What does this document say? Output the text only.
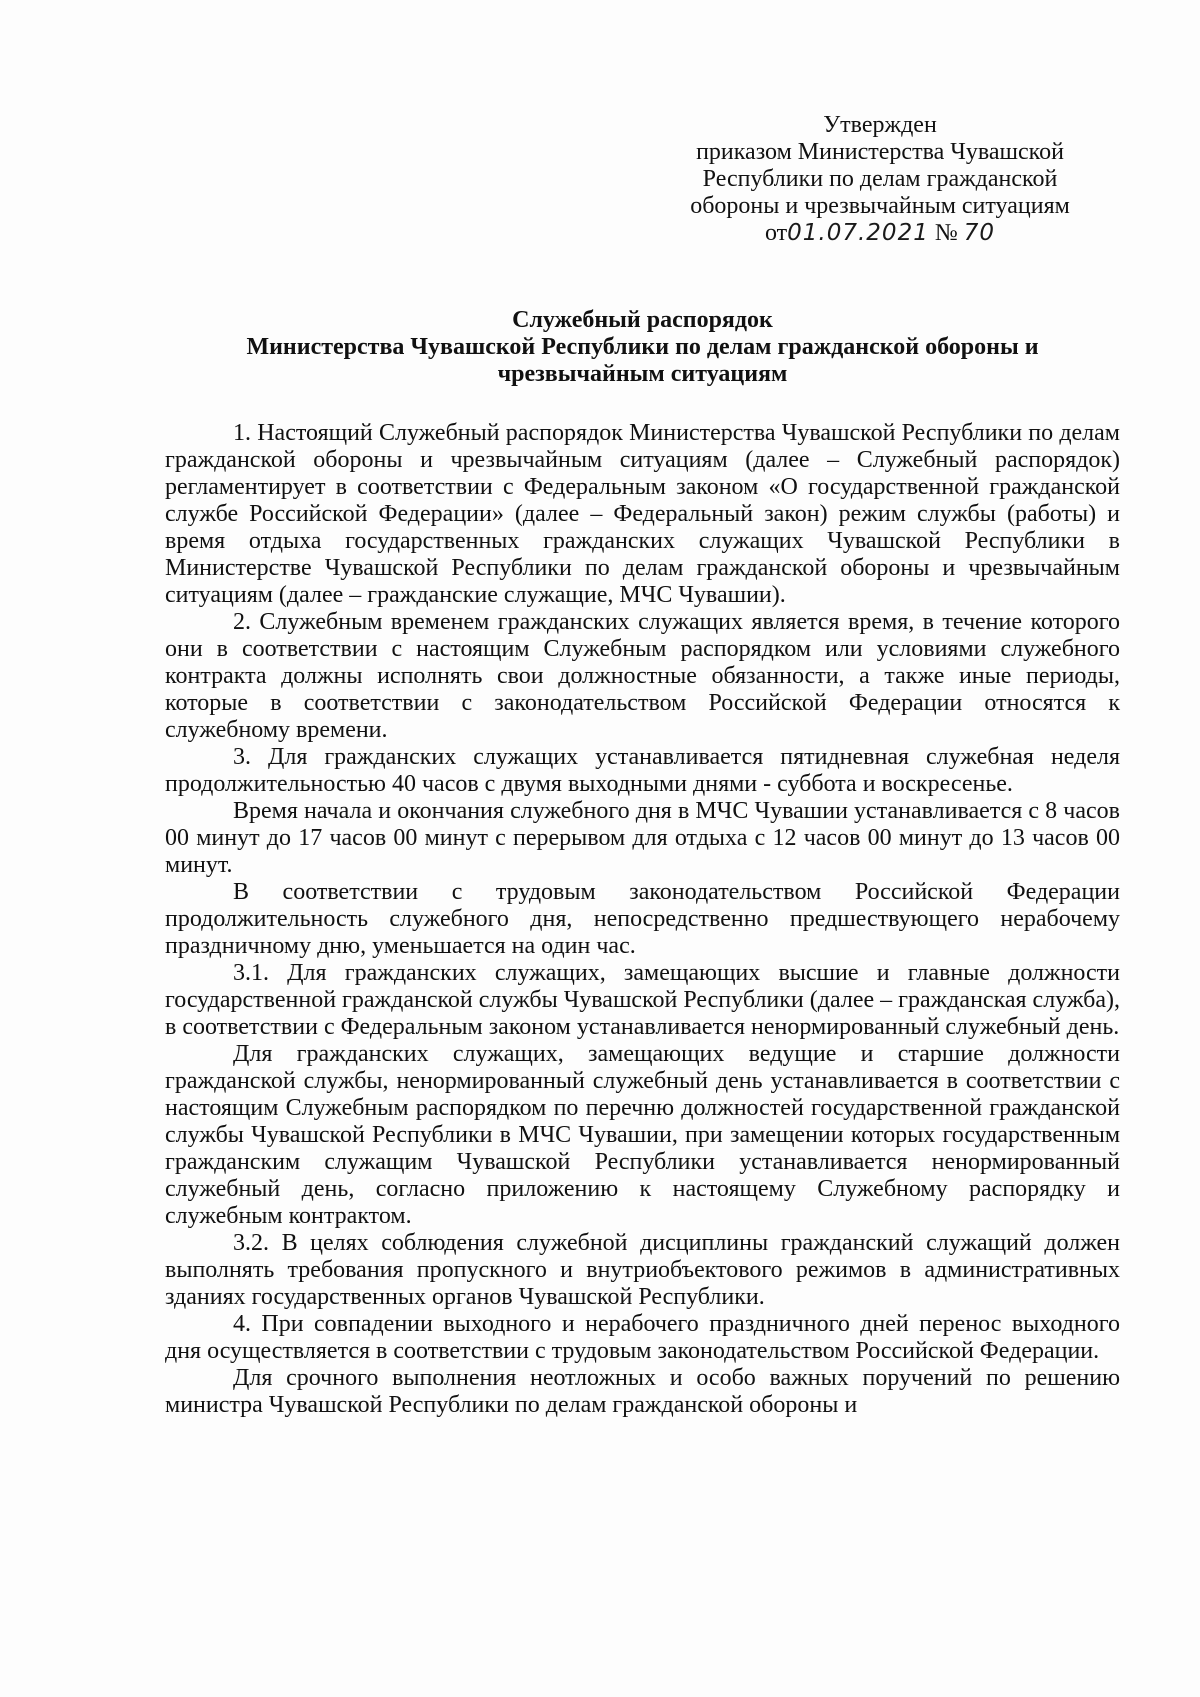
Утвержден
приказом Министерства Чувашской
Республики по делам гражданской
обороны и чрезвычайным ситуациям
от01.07.2021 № 70
Служебный распорядок
Министерства Чувашской Республики по делам гражданской обороны и
чрезвычайным ситуациям

1. Настоящий Служебный распорядок Министерства Чувашской Республики по делам гражданской обороны и чрезвычайным ситуациям (далее – Служебный распорядок) регламентирует в соответствии с Федеральным законом «О государственной гражданской службе Российской Федерации» (далее – Федеральный закон) режим службы (работы) и время отдыха государственных гражданских служащих Чувашской Республики в Министерстве Чувашской Республики по делам гражданской обороны и чрезвычайным ситуациям (далее – гражданские служащие, МЧС Чувашии).

2. Служебным временем гражданских служащих является время, в течение которого они в соответствии с настоящим Служебным распорядком или условиями служебного контракта должны исполнять свои должностные обязанности, а также иные периоды, которые в соответствии с законодательством Российской Федерации относятся к служебному времени.

3. Для гражданских служащих устанавливается пятидневная служебная неделя продолжительностью 40 часов с двумя выходными днями - суббота и воскресенье.

Время начала и окончания служебного дня в МЧС Чувашии устанавливается с 8 часов 00 минут до 17 часов 00 минут с перерывом для отдыха с 12 часов 00 минут до 13 часов 00 минут.

В соответствии с трудовым законодательством Российской Федерации продолжительность служебного дня, непосредственно предшествующего нерабочему праздничному дню, уменьшается на один час.

3.1. Для гражданских служащих, замещающих высшие и главные должности государственной гражданской службы Чувашской Республики (далее – гражданская служба), в соответствии с Федеральным законом устанавливается ненормированный служебный день.

Для гражданских служащих, замещающих ведущие и старшие должности гражданской службы, ненормированный служебный день устанавливается в соответствии с настоящим Служебным распорядком по перечню должностей государственной гражданской службы Чувашской Республики в МЧС Чувашии, при замещении которых государственным гражданским служащим Чувашской Республики устанавливается ненормированный служебный день, согласно приложению к настоящему Служебному распорядку и служебным контрактом.

3.2. В целях соблюдения служебной дисциплины гражданский служащий должен выполнять требования пропускного и внутриобъектового режимов в административных зданиях государственных органов Чувашской Республики.

4. При совпадении выходного и нерабочего праздничного дней перенос выходного дня осуществляется в соответствии с трудовым законодательством Российской Федерации.

Для срочного выполнения неотложных и особо важных поручений по решению министра Чувашской Республики по делам гражданской обороны и
